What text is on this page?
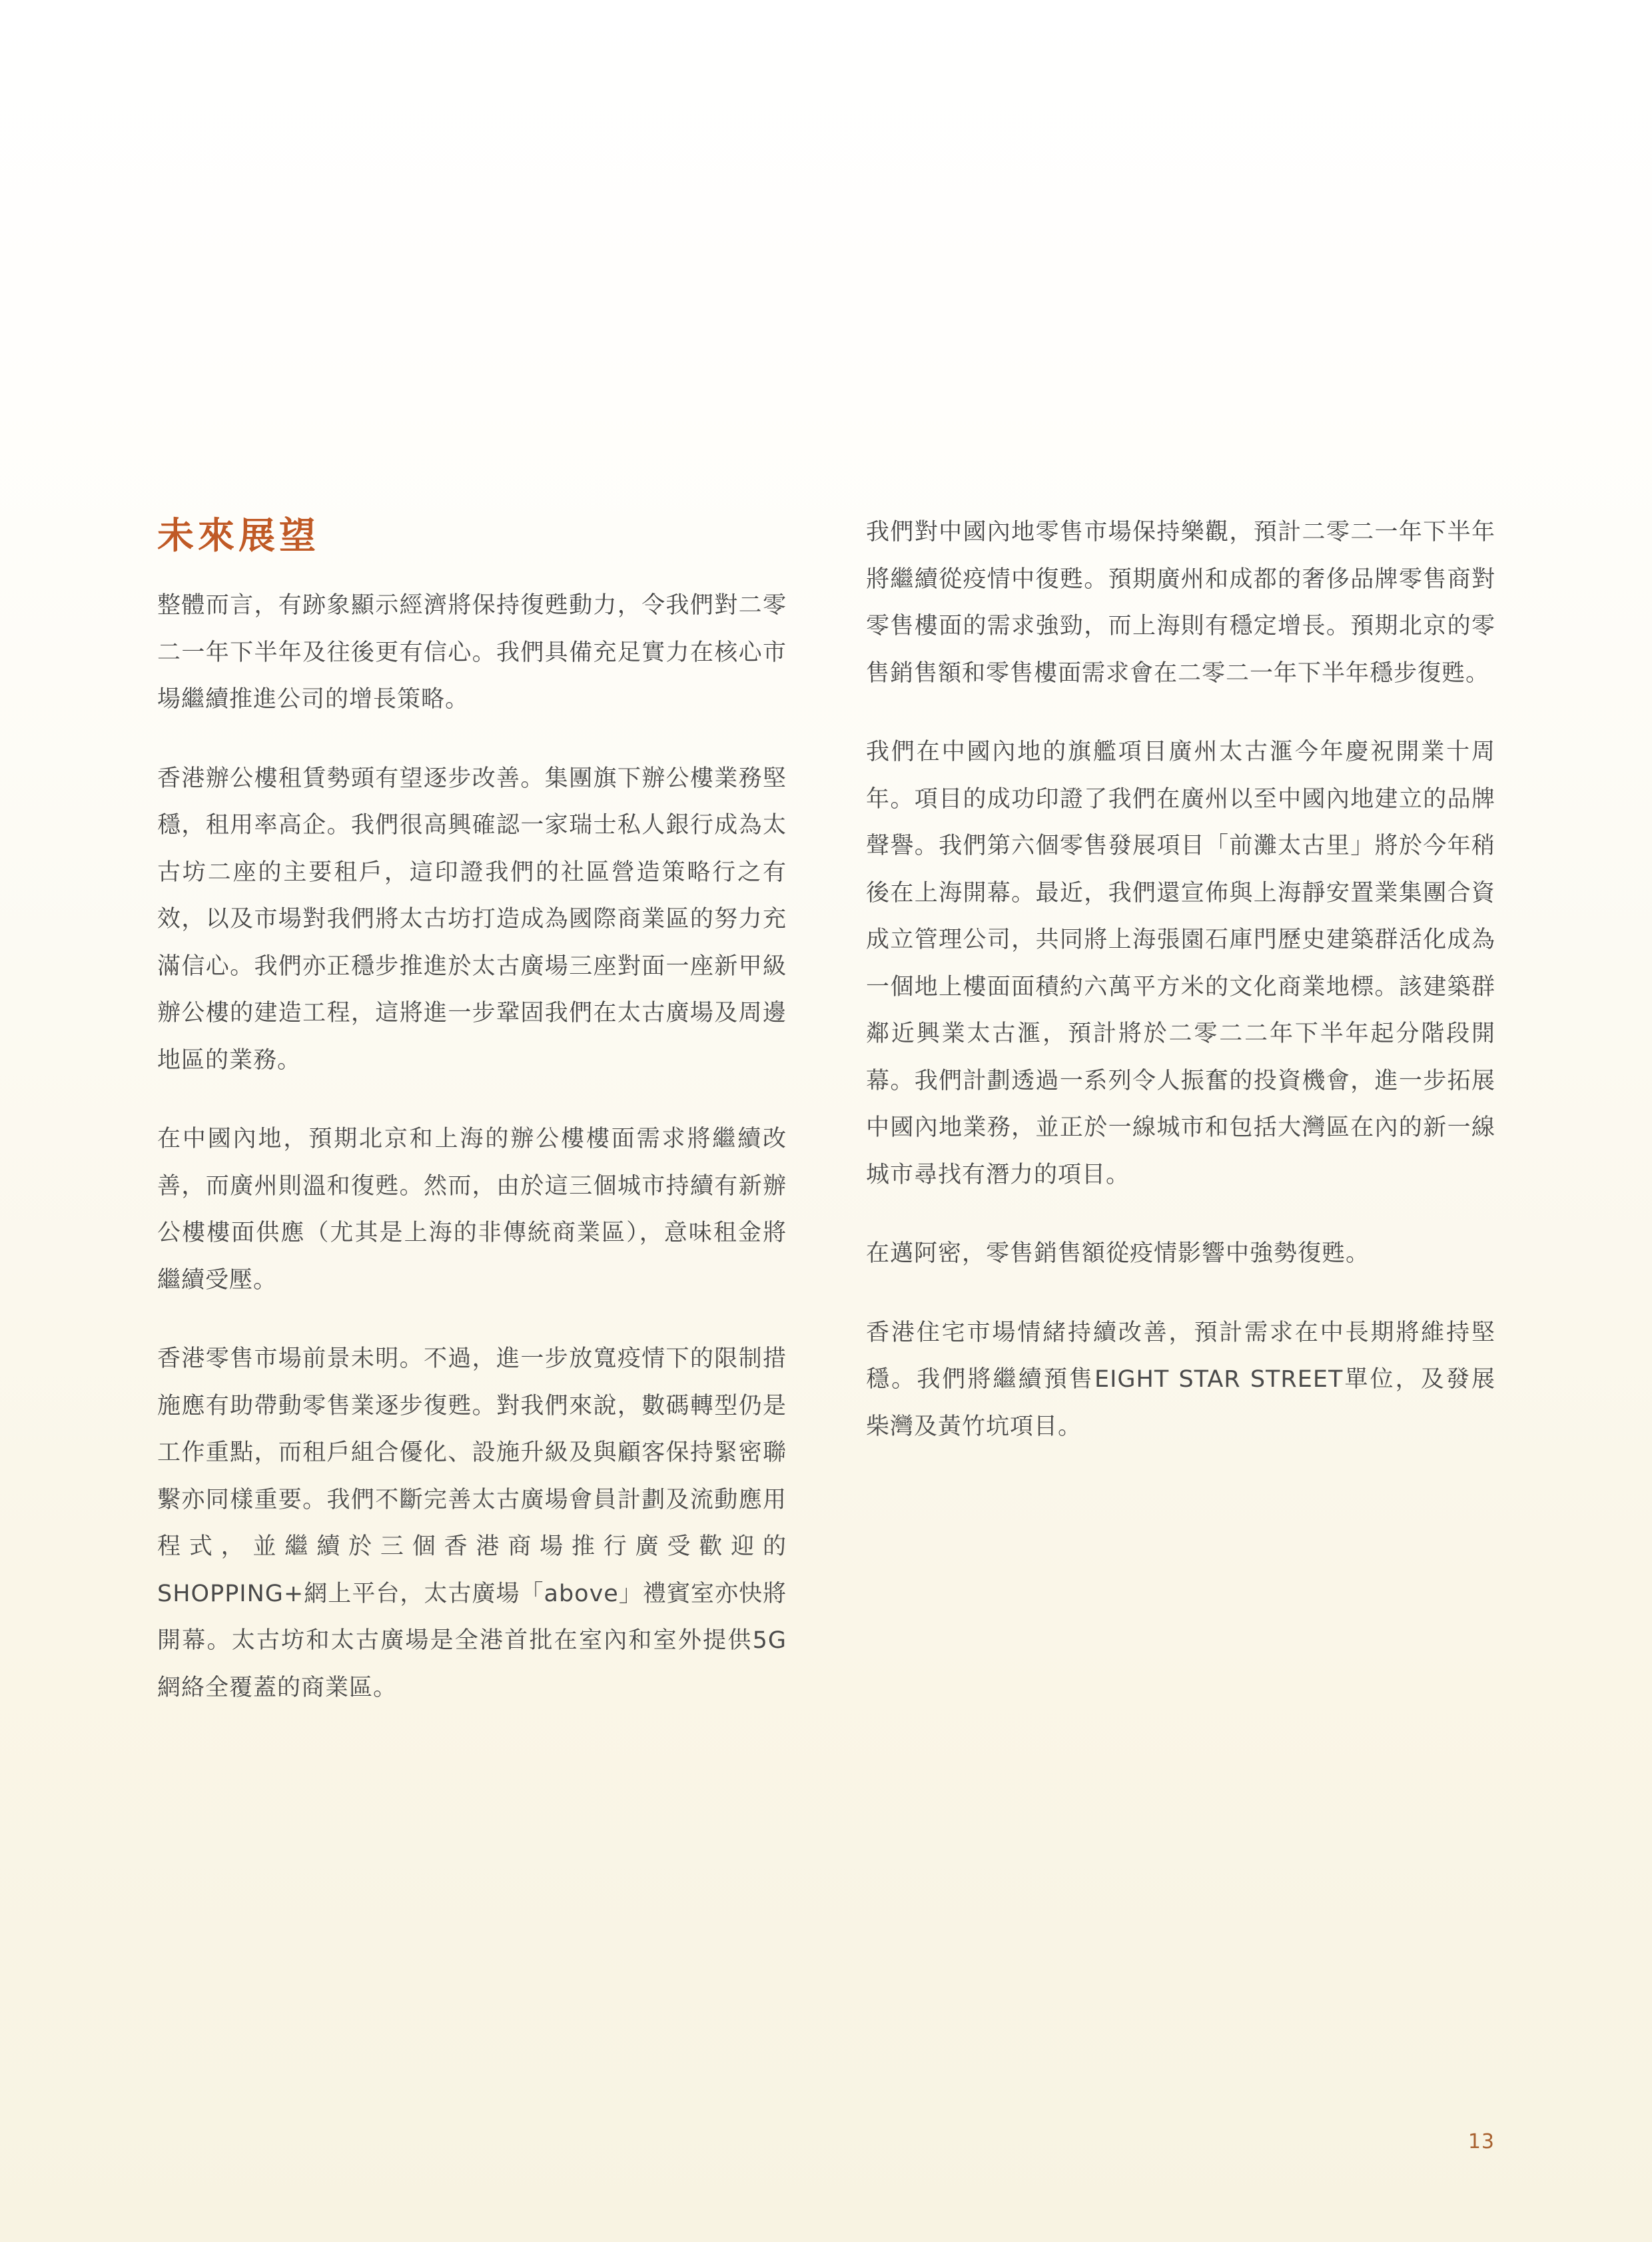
未來展望

整體而言，有跡象顯示經濟將保持復甦動力，令我們對二零二一年下半年及往後更有信心。我們具備充足實力在核心市場繼續推進公司的增長策略。

香港辦公樓租賃勢頭有望逐步改善。集團旗下辦公樓業務堅穩，租用率高企。我們很高興確認一家瑞士私人銀行成為太古坊二座的主要租戶，這印證我們的社區營造策略行之有效，以及市場對我們將太古坊打造成為國際商業區的努力充滿信心。我們亦正穩步推進於太古廣場三座對面一座新甲級辦公樓的建造工程，這將進一步鞏固我們在太古廣場及周邊地區的業務。

在中國內地，預期北京和上海的辦公樓樓面需求將繼續改善，而廣州則溫和復甦。然而，由於這三個城市持續有新辦公樓樓面供應（尤其是上海的非傳統商業區），意味租金將繼續受壓。

香港零售市場前景未明。不過，進一步放寬疫情下的限制措施應有助帶動零售業逐步復甦。對我們來說，數碼轉型仍是工作重點，而租戶組合優化、設施升級及與顧客保持緊密聯繫亦同樣重要。我們不斷完善太古廣場會員計劃及流動應用程式，並繼續於三個香港商場推行廣受歡迎的SHOPPING+網上平台，太古廣場「above」禮賓室亦快將開幕。太古坊和太古廣場是全港首批在室內和室外提供5G網絡全覆蓋的商業區。

我們對中國內地零售市場保持樂觀，預計二零二一年下半年將繼續從疫情中復甦。預期廣州和成都的奢侈品牌零售商對零售樓面的需求強勁，而上海則有穩定增長。預期北京的零售銷售額和零售樓面需求會在二零二一年下半年穩步復甦。

我們在中國內地的旗艦項目廣州太古滙今年慶祝開業十周年。項目的成功印證了我們在廣州以至中國內地建立的品牌聲譽。我們第六個零售發展項目「前灘太古里」將於今年稍後在上海開幕。最近，我們還宣佈與上海靜安置業集團合資成立管理公司，共同將上海張園石庫門歷史建築群活化成為一個地上樓面面積約六萬平方米的文化商業地標。該建築群鄰近興業太古滙，預計將於二零二二年下半年起分階段開幕。我們計劃透過一系列令人振奮的投資機會，進一步拓展中國內地業務，並正於一線城市和包括大灣區在內的新一線城市尋找有潛力的項目。

在邁阿密，零售銷售額從疫情影響中強勢復甦。

香港住宅市場情緒持續改善，預計需求在中長期將維持堅穩。我們將繼續預售EIGHT STAR STREET單位，及發展柴灣及黃竹坑項目。

13
